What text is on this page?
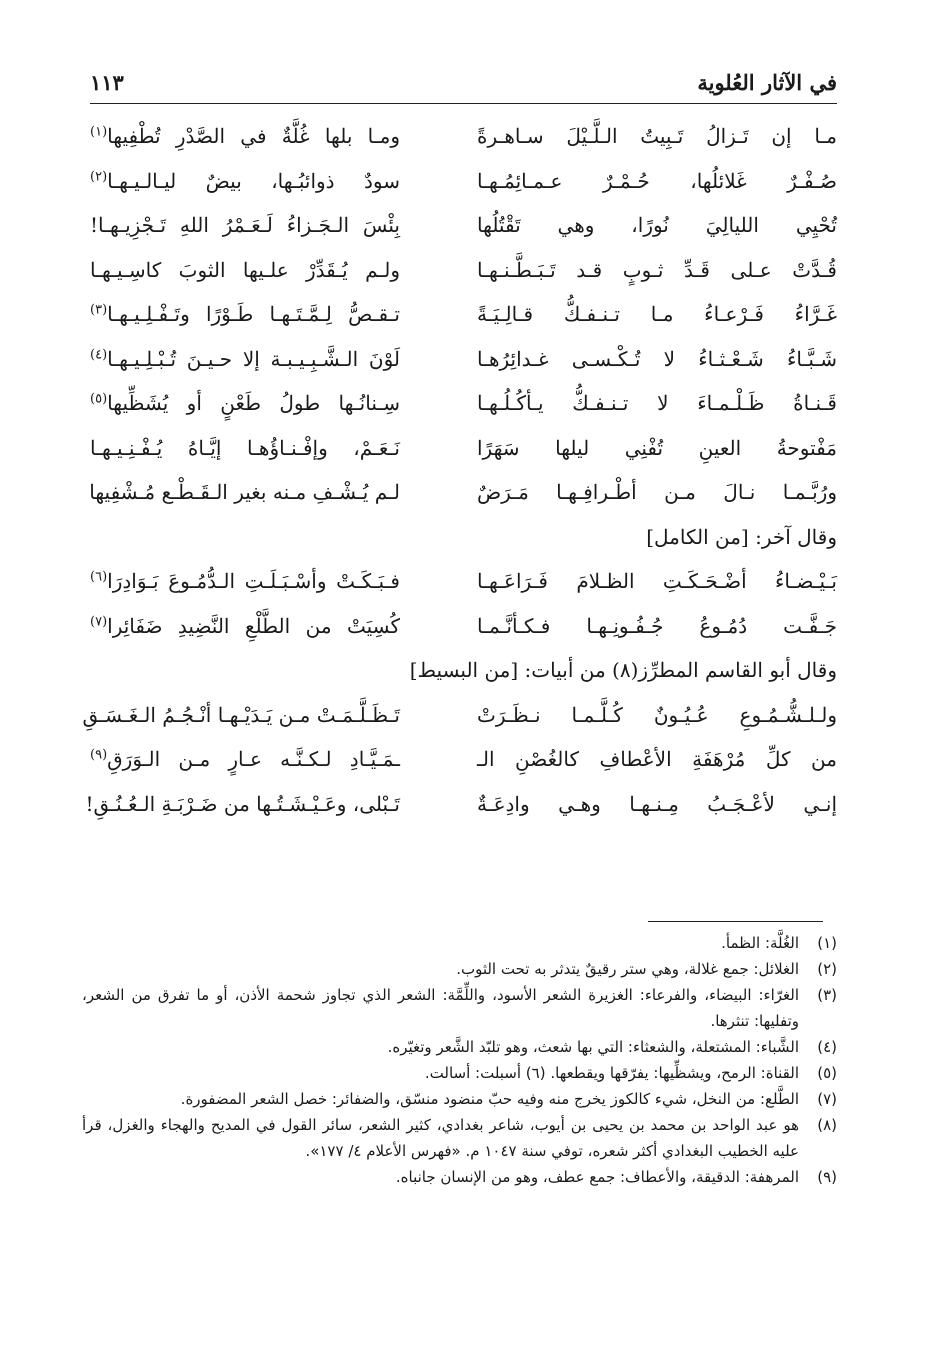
في الآثار العُلوية
١١٣
مـا إن تَـزالُ تَـبِيتُ الـلَّـيْلَ سـاهـرةً
ومـا بلها غُلَّةٌ في الصَّدْرِ تُطْفِيها$^{(١)}$
صُـفْـرٌ غَلائلُها، حُـمْـرٌ عـمـائِمُـهـا
سودٌ ذوائبُـها، بيضٌ ليـالـيـهـا$^{(٢)}$
تُحْيِي الليالِيَ نُورًا، وهي تَقْتُلُها
بِئْسَ الـجَـزاءُ لَـعَـمْرُ اللهِ تَـجْزِيـهـا!
قُـدَّتْ عـلى قَـدِّ ثـوبٍ قـد تَـبَـطَّـنـهـا
ولـم يُـقَدِّرْ علـيها الثوبَ كاسِـيـهـا
غَـرَّاءُ فَـرْعـاءُ مـا تـنـفـكُّ قـالِـيَـةً
تـقـصُّ لِـمَّـتَـهـا طَـوْرًا وتَـفْـلِـيـهـا$^{(٣)}$
شَـبَّـاءُ شَـعْـثـاءُ لا تُـكْـسـى غـدائِرُهـا
لَوْنَ الـشَّـبِـيـبـة إلا حـيـنَ تُـبْـلِـيـهـا$^{(٤)}$
قَـنـاةُ ظَـلْـمـاءَ لا تـنـفـكُّ يـأكُـلُـهـا
سِـنانُـها طولُ طَعْنٍ أو يُشَظِّيها$^{(٥)}$
مَفْتوحةُ العينِ تُفْنِي ليلها سَهَرًا
نَـعَـمْ، وإفْـنـاؤُهـا إيَّـاهُ يُـفْـنِـيـهـا
ورُبَّـمـا نـالَ مـن أطْـرافِـهـا مَـرَضٌ
لـم يُـشْـفِ مـنه بغير الـقَـطْـع مُـشْفِيها
وقال آخر: [من الكامل]
بَـيْـضـاءُ أضْـحَـكَـتِ الظـلامَ فَـرَاعَـهـا
فـبَـكَـتْ وأسْـبَـلَـتِ الـدُّمُـوعَ بَـوَادِرَا$^{(٦)}$
جَـفَّـت دُمُـوعُ جُـفُـونِـهـا فـكـأنَّـمـا
كُسِيَتْ من الطَّلْعِ النَّضِيدِ ضَفَائِرا$^{(٧)}$
وقال أبو القاسم المطرِّز(٨) من أبيات: [من البسيط]
ولـلـشُّـمُـوعِ عُـيُـونٌ كُـلَّـمـا نـظَـرَتْ
تَـظَـلَّـمَـتْ مـن يَـدَيْـهـا أنْـجُـمُ الـغَـسَـقِ
من كلِّ مُرْهَفَةِ الأعْطافِ كالغُصْنِ الـ
ـمَـيَّـادِ لـكـنَّـه عـارٍ مـن الـوَرَقِ$^{(٩)}$
إنـي لأعْـجَـبُ مِـنـهـا وهـي وادِعَـةٌ
تَـبْلى، وعَـيْـشَـتُـها من ضَـرْبَـةِ الـعُـنُـقِ!
(١)
الغُلَّة: الظمأ.
(٢)
الغلائل: جمع غلالة، وهي ستر رقيقٌ يتدثر به تحت الثوب.
(٣)
الغرّاء: البيضاء، والفرعاء: الغزيرة الشعر الأسود، واللِّمَّة: الشعر الذي تجاوز شحمة الأذن، أو ما تفرق من الشعر، وتفليها: تنثرها.
(٤)
الشَّباء: المشتعلة، والشعثاء: التي بها شعث، وهو تلبّد الشَّعر وتغيّره.
(٥)
القناة: الرمح، ويشظِّيها: يفرّقها ويقطعها. (٦) أسبلت: أسالت.
(٧)
الطَّلع: من النخل، شيء كالكوز يخرج منه وفيه حبّ منضود منسّق، والضفائر: خصل الشعر المضفورة.
(٨)
هو عبد الواحد بن محمد بن يحيى بن أيوب، شاعر بغدادي، كثير الشعر، سائر القول في المديح والهجاء والغزل، قرأ عليه الخطيب البغدادي أكثر شعره، توفي سنة ١٠٤٧ م. «فهرس الأعلام ٤/ ١٧٧».
(٩)
المرهفة: الدقيقة، والأعطاف: جمع عطف، وهو من الإنسان جانباه.
